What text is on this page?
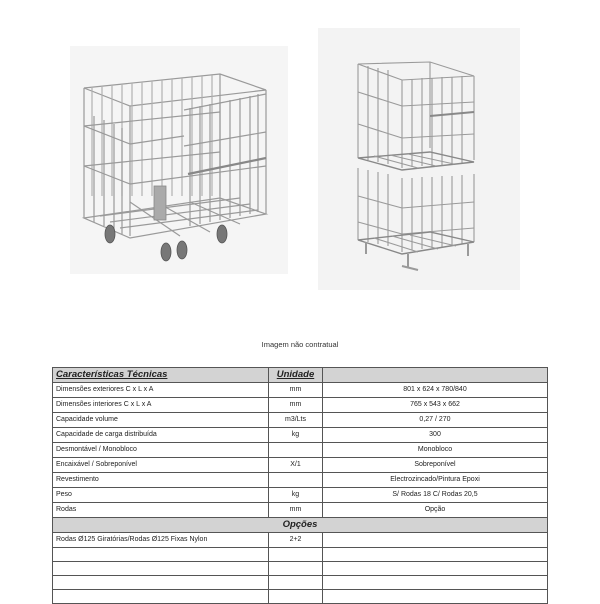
Imagem não contratual
Características Técnicas	Unidade	
Dimensões exteriores C x L x A	mm	801 x 624 x 780/840
Dimensões interiores C x L x A	mm	765 x 543 x 662
Capacidade volume	m3/Lts	0,27 / 270
Capacidade de carga distribuída	kg	300
Desmontável / Monobloco		Monobloco
Encaixável / Sobreponível	X/1	Sobreponível
Revestimento		Electrozincado/Pintura Epoxi
Peso	kg	S/ Rodas 18 C/ Rodas 20,5
Rodas	mm	Opção
Opções		
Rodas Ø125 Giratórias/Rodas Ø125 Fixas Nylon	2+2	
